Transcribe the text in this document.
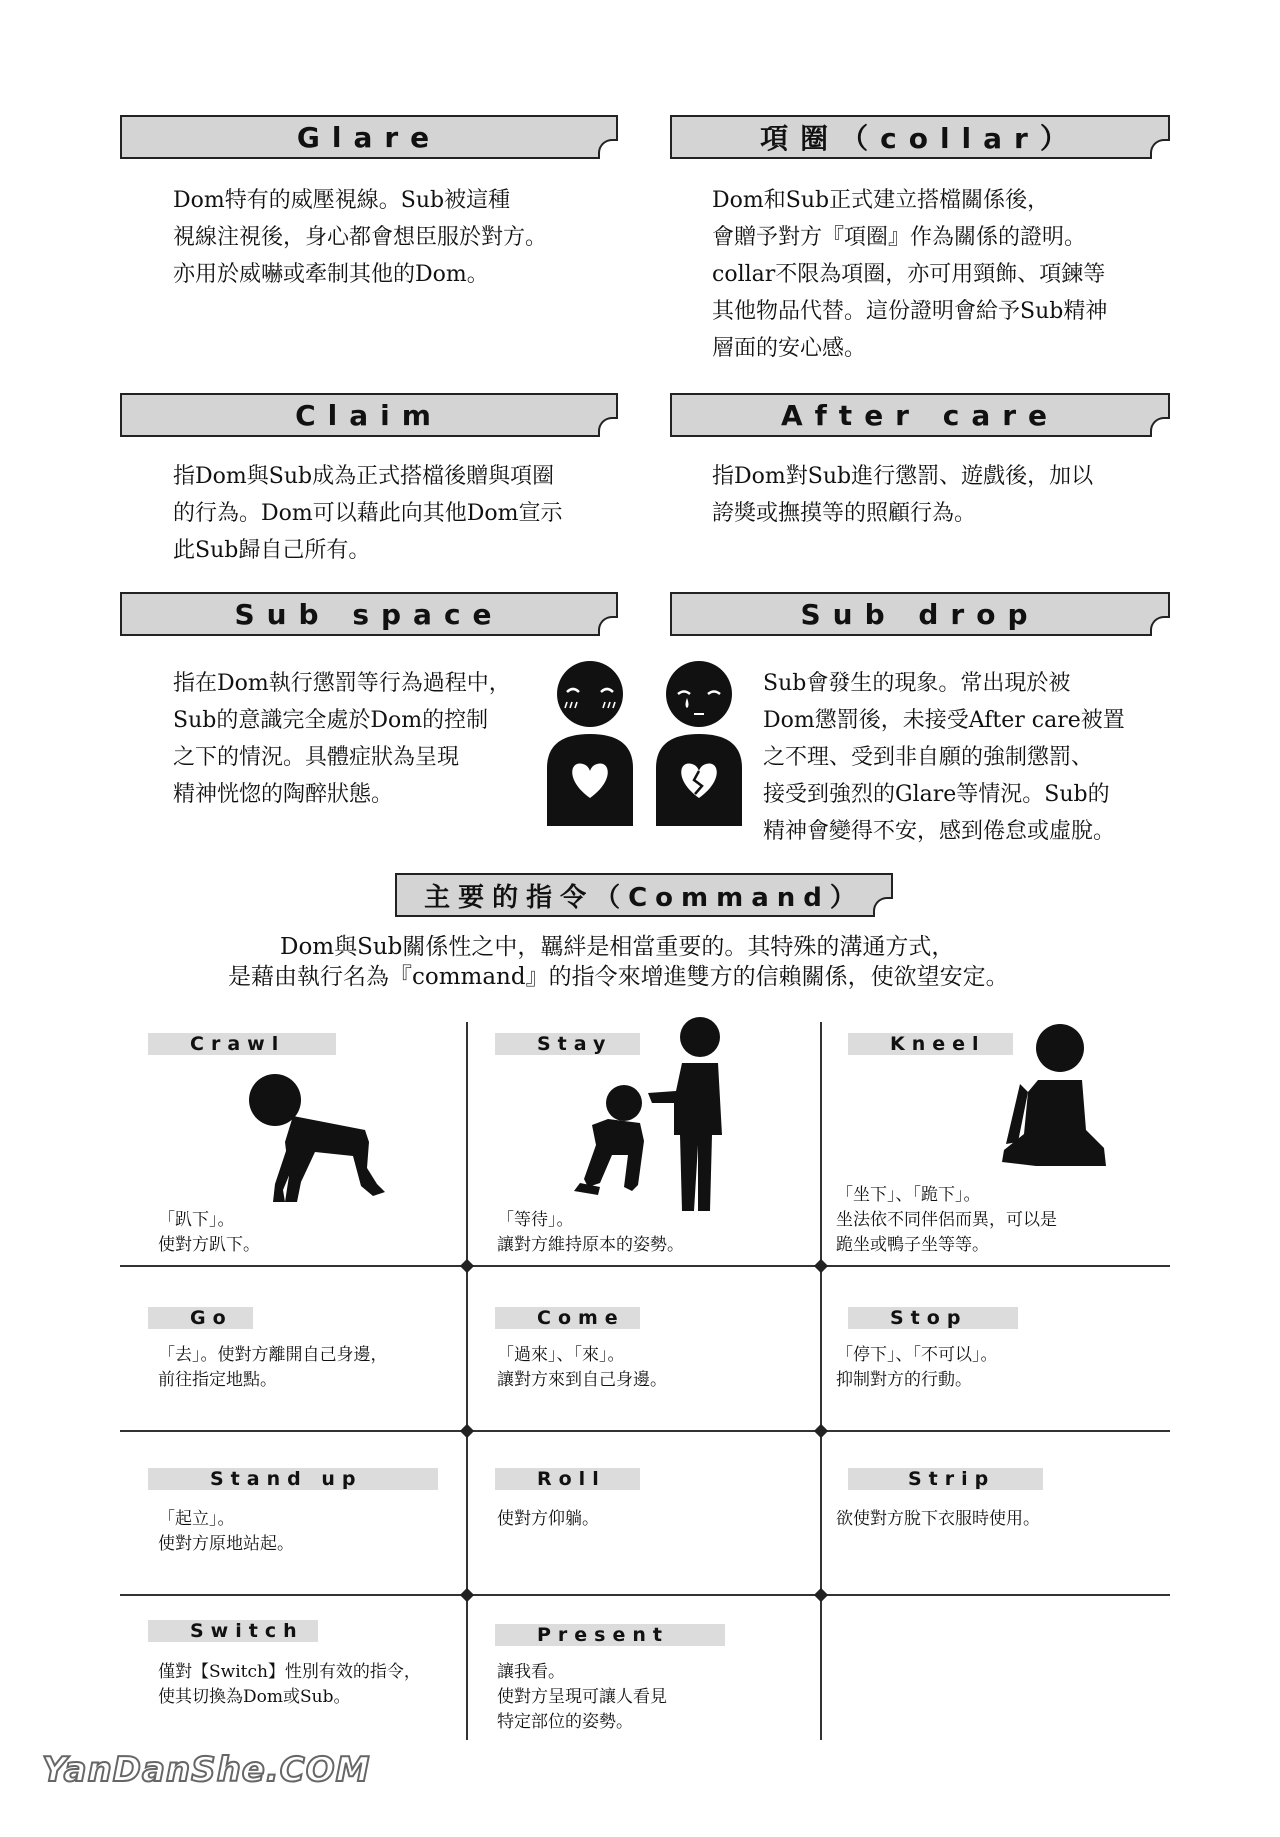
Glare
Dom特有的威壓視線。Sub被這種
視線注視後，身心都會想臣服於對方。
亦用於威嚇或牽制其他的Dom。
項圈（collar）
Dom和Sub正式建立搭檔關係後，
會贈予對方『項圈』作為關係的證明。
collar不限為項圈，亦可用頸飾、項鍊等
其他物品代替。這份證明會給予Sub精神
層面的安心感。
Claim
指Dom與Sub成為正式搭檔後贈與項圈
的行為。Dom可以藉此向其他Dom宣示
此Sub歸自己所有。
After care
指Dom對Sub進行懲罰、遊戲後，加以
誇獎或撫摸等的照顧行為。
Sub space
指在Dom執行懲罰等行為過程中，
Sub的意識完全處於Dom的控制
之下的情況。具體症狀為呈現
精神恍惚的陶醉狀態。
Sub drop
Sub會發生的現象。常出現於被
Dom懲罰後，未接受After care被置
之不理、受到非自願的強制懲罰、
接受到強烈的Glare等情況。Sub的
精神會變得不安，感到倦怠或虛脫。
主要的指令（Command）
Dom與Sub關係性之中，羈絆是相當重要的。其特殊的溝通方式，
是藉由執行名為『command』的指令來增進雙方的信賴關係，使欲望安定。
Crawl
「趴下」。
使對方趴下。
Stay
「等待」。
讓對方維持原本的姿勢。
Kneel
「坐下」、「跪下」。
坐法依不同伴侶而異，可以是
跪坐或鴨子坐等等。
Go
「去」。使對方離開自己身邊，
前往指定地點。
Come
「過來」、「來」。
讓對方來到自己身邊。
Stop
「停下」、「不可以」。
抑制對方的行動。
Stand up
「起立」。
使對方原地站起。
Roll
使對方仰躺。
Strip
欲使對方脫下衣服時使用。
Switch
僅對【Switch】性別有效的指令，
使其切換為Dom或Sub。
Present
讓我看。
使對方呈現可讓人看見
特定部位的姿勢。
YanDanShe.COM
